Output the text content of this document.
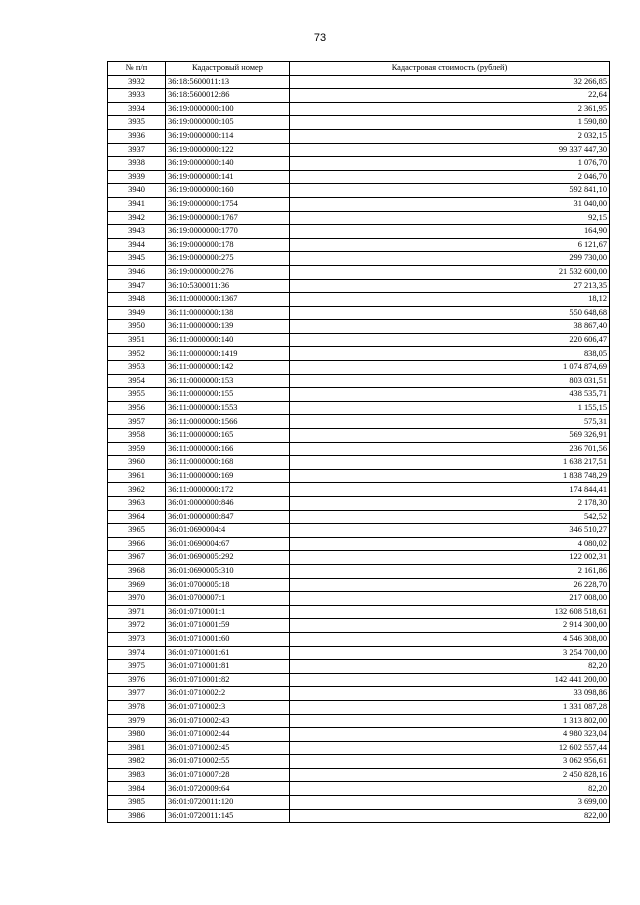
73
№ п/п	Кадастровый номер	Кадастровая стоимость (рублей)
3932	36:18:5600011:13	32 266,85
3933	36:18:5600012:86	22,64
3934	36:19:0000000:100	2 361,95
3935	36:19:0000000:105	1 590,80
3936	36:19:0000000:114	2 032,15
3937	36:19:0000000:122	99 337 447,30
3938	36:19:0000000:140	1 076,70
3939	36:19:0000000:141	2 046,70
3940	36:19:0000000:160	592 841,10
3941	36:19:0000000:1754	31 040,00
3942	36:19:0000000:1767	92,15
3943	36:19:0000000:1770	164,90
3944	36:19:0000000:178	6 121,67
3945	36:19:0000000:275	299 730,00
3946	36:19:0000000:276	21 532 600,00
3947	36:10:5300011:36	27 213,35
3948	36:11:0000000:1367	18,12
3949	36:11:0000000:138	550 648,68
3950	36:11:0000000:139	38 867,40
3951	36:11:0000000:140	220 606,47
3952	36:11:0000000:1419	838,05
3953	36:11:0000000:142	1 074 874,69
3954	36:11:0000000:153	803 031,51
3955	36:11:0000000:155	438 535,71
3956	36:11:0000000:1553	1 155,15
3957	36:11:0000000:1566	575,31
3958	36:11:0000000:165	569 326,91
3959	36:11:0000000:166	236 701,56
3960	36:11:0000000:168	1 638 217,51
3961	36:11:0000000:169	1 838 748,29
3962	36:11:0000000:172	174 844,41
3963	36:01:0000000:846	2 178,30
3964	36:01:0000000:847	542,52
3965	36:01:0690004:4	346 510,27
3966	36:01:0690004:67	4 080,02
3967	36:01:0690005:292	122 002,31
3968	36:01:0690005:310	2 161,86
3969	36:01:0700005:18	26 228,70
3970	36:01:0700007:1	217 008,00
3971	36:01:0710001:1	132 608 518,61
3972	36:01:0710001:59	2 914 300,00
3973	36:01:0710001:60	4 546 308,00
3974	36:01:0710001:61	3 254 700,00
3975	36:01:0710001:81	82,20
3976	36:01:0710001:82	142 441 200,00
3977	36:01:0710002:2	33 098,86
3978	36:01:0710002:3	1 331 087,28
3979	36:01:0710002:43	1 313 802,00
3980	36:01:0710002:44	4 980 323,04
3981	36:01:0710002:45	12 602 557,44
3982	36:01:0710002:55	3 062 956,61
3983	36:01:0710007:28	2 450 828,16
3984	36:01:0720009:64	82,20
3985	36:01:0720011:120	3 699,00
3986	36:01:0720011:145	822,00
